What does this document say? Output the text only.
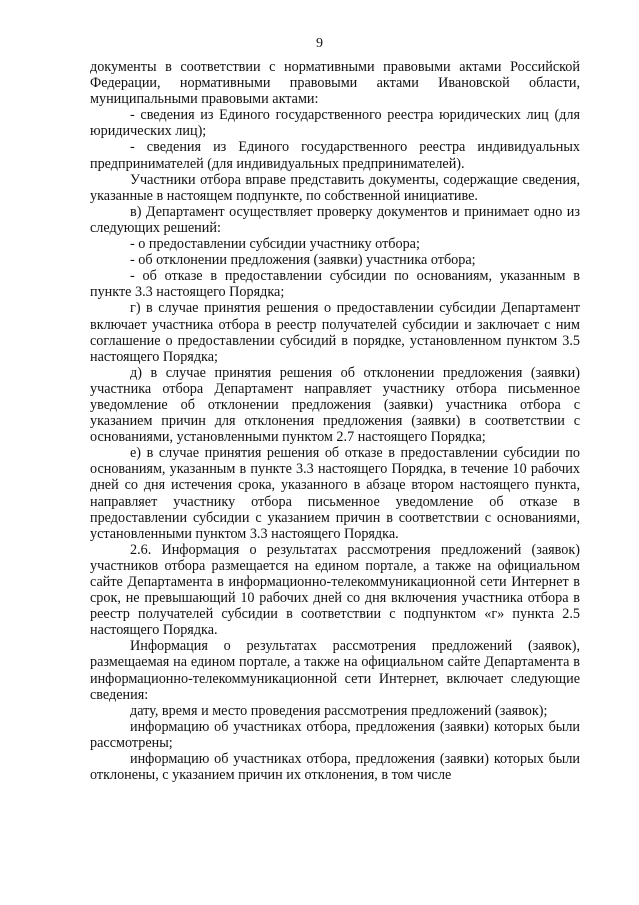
9

документы в соответствии с нормативными правовыми актами Российской Федерации, нормативными правовыми актами Ивановской области, муниципальными правовыми актами:

- сведения из Единого государственного реестра юридических лиц (для юридических лиц);

- сведения из Единого государственного реестра индивидуальных предпринимателей (для индивидуальных предпринимателей).

Участники отбора вправе представить документы, содержащие сведения, указанные в настоящем подпункте, по собственной инициативе.

в) Департамент осуществляет проверку документов и принимает одно из следующих решений:

- о предоставлении субсидии участнику отбора;

- об отклонении предложения (заявки) участника отбора;

- об отказе в предоставлении субсидии по основаниям, указанным в пункте 3.3 настоящего Порядка;

г) в случае принятия решения о предоставлении субсидии Департамент включает участника отбора в реестр получателей субсидии и заключает с ним соглашение о предоставлении субсидий в порядке, установленном пунктом 3.5 настоящего Порядка;

д) в случае принятия решения об отклонении предложения (заявки) участника отбора Департамент направляет участнику отбора письменное уведомление об отклонении предложения (заявки) участника отбора с указанием причин для отклонения предложения (заявки) в соответствии с основаниями, установленными пунктом 2.7 настоящего Порядка;

е) в случае принятия решения об отказе в предоставлении субсидии по основаниям, указанным в пункте 3.3 настоящего Порядка, в течение 10 рабочих дней со дня истечения срока, указанного в абзаце втором настоящего пункта, направляет участнику отбора письменное уведомление об отказе в предоставлении субсидии с указанием причин в соответствии с основаниями, установленными пунктом 3.3 настоящего Порядка.

2.6. Информация о результатах рассмотрения предложений (заявок) участников отбора размещается на едином портале, а также на официальном сайте Департамента в информационно-телекоммуникационной сети Интернет в срок, не превышающий 10 рабочих дней со дня включения участника отбора в реестр получателей субсидии в соответствии с подпунктом «г» пункта 2.5 настоящего Порядка.

Информация о результатах рассмотрения предложений (заявок), размещаемая на едином портале, а также на официальном сайте Департамента в информационно-телекоммуникационной сети Интернет, включает следующие сведения:

дату, время и место проведения рассмотрения предложений (заявок);

информацию об участниках отбора, предложения (заявки) которых были рассмотрены;

информацию об участниках отбора, предложения (заявки) которых были отклонены, с указанием причин их отклонения, в том числе
